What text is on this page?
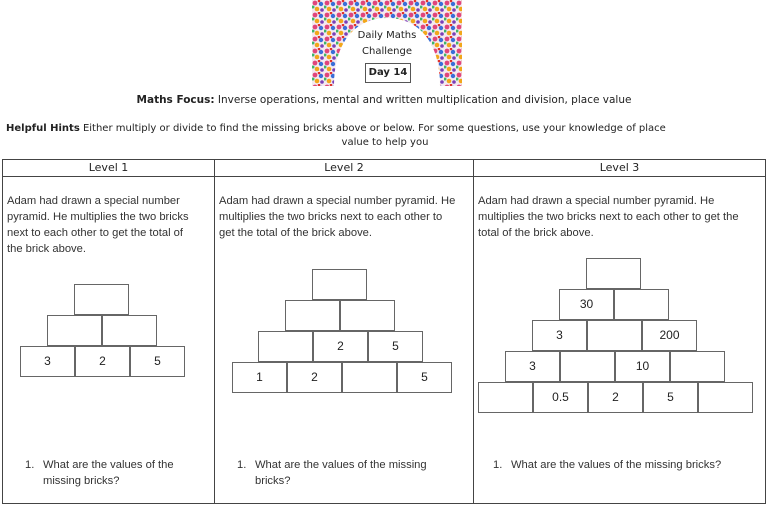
Daily Maths
Challenge
Day 14
Maths Focus: Inverse operations, mental and written multiplication and division, place value
Helpful Hints Either multiply or divide to find the missing bricks above or below. For some questions, use your knowledge of place
value to help you
Level 1	Level 2	Level 3

Adam had drawn a special number
pyramid. He multiplies the two bricks
next to each other to get the total of
the brick above.
3	2	5
1. What are the values of the
missing bricks?

Adam had drawn a special number pyramid. He
multiplies the two bricks next to each other to
get the total of the brick above.
2	5
1	2	5
1. What are the values of the missing
bricks?

Adam had drawn a special number pyramid. He
multiplies the two bricks next to each other to get the
total of the brick above.
30
3	200
3	10
0.5	2	5
1. What are the values of the missing bricks?
